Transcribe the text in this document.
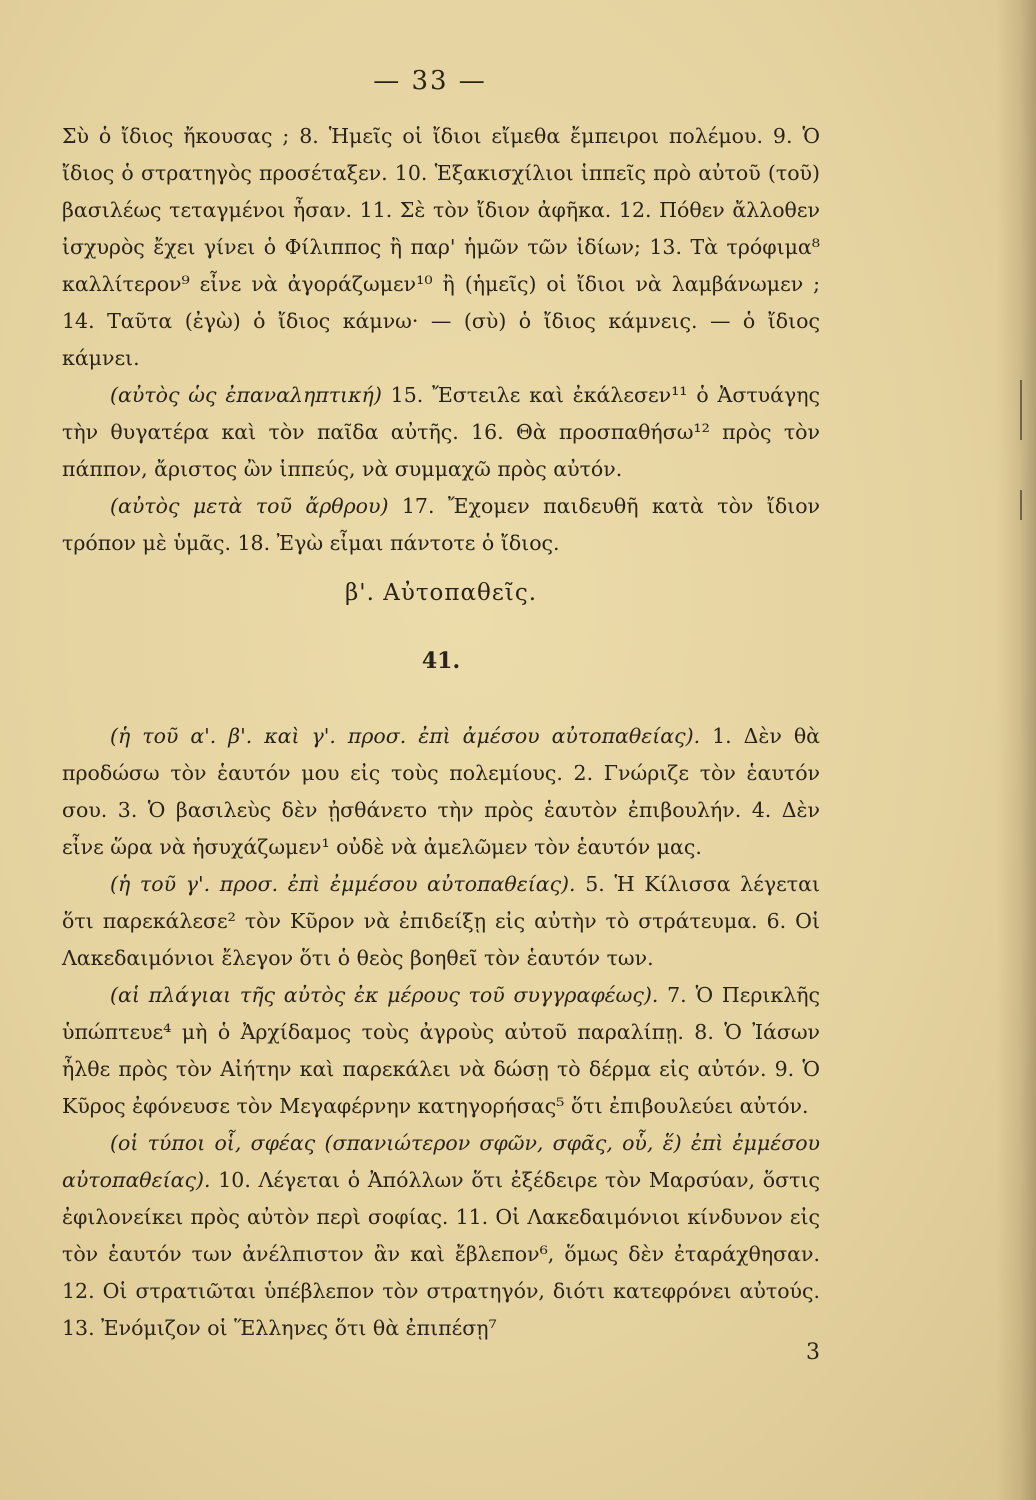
— 33 —

Σὺ ὁ ἴδιος ἤκουσας ; 8. Ἡμεῖς οἱ ἴδιοι εἴμεθα ἔμπειροι πολέμου. 9. Ὁ ἴδιος ὁ στρατηγὸς προσέταξεν. 10. Ἑξακισχίλιοι ἱππεῖς πρὸ αὐτοῦ (τοῦ) βασιλέως τεταγμένοι ἦσαν. 11. Σὲ τὸν ἴδιον ἀφῆκα. 12. Πόθεν ἄλλοθεν ἰσχυρὸς ἔχει γίνει ὁ Φίλιππος ἢ παρ' ἡμῶν τῶν ἰδίων; 13. Τὰ τρόφιμα⁸ καλλίτερον⁹ εἶνε νὰ ἀγοράζωμεν¹⁰ ἢ (ἡμεῖς) οἱ ἴδιοι νὰ λαμβάνωμεν ; 14. Ταῦτα (ἐγὼ) ὁ ἴδιος κάμνω· — (σὺ) ὁ ἴδιος κάμνεις. — ὁ ἴδιος κάμνει.

(αὐτὸς ὡς ἐπαναληπτική) 15. Ἔστειλε καὶ ἐκάλεσεν¹¹ ὁ Ἀστυάγης τὴν θυγατέρα καὶ τὸν παῖδα αὐτῆς. 16. Θὰ προσπαθήσω¹² πρὸς τὸν πάππον, ἄριστος ὢν ἱππεύς, νὰ συμμαχῶ πρὸς αὐτόν.

(αὐτὸς μετὰ τοῦ ἄρθρου) 17. Ἔχομεν παιδευθῆ κατὰ τὸν ἴδιον τρόπον μὲ ὑμᾶς. 18. Ἐγὼ εἶμαι πάντοτε ὁ ἴδιος.

β'. Αὐτοπαθεῖς.
41.

(ἡ τοῦ α'. β'. καὶ γ'. προσ. ἐπὶ ἀμέσου αὐτοπαθείας). 1. Δὲν θὰ προδώσω τὸν ἑαυτόν μου εἰς τοὺς πολεμίους. 2. Γνώριζε τὸν ἑαυτόν σου. 3. Ὁ βασιλεὺς δὲν ᾐσθάνετο τὴν πρὸς ἑαυτὸν ἐπιβουλήν. 4. Δὲν εἶνε ὥρα νὰ ἡσυχάζωμεν¹ οὐδὲ νὰ ἀμελῶμεν τὸν ἑαυτόν μας.

(ἡ τοῦ γ'. προσ. ἐπὶ ἐμμέσου αὐτοπαθείας). 5. Ἡ Κίλισσα λέγεται ὅτι παρεκάλεσε² τὸν Κῦρον νὰ ἐπιδείξῃ εἰς αὐτὴν τὸ στράτευμα. 6. Οἱ Λακεδαιμόνιοι ἔλεγον ὅτι ὁ θεὸς βοηθεῖ τὸν ἑαυτόν των.

(αἱ πλάγιαι τῆς αὐτὸς ἐκ μέρους τοῦ συγγραφέως). 7. Ὁ Περικλῆς ὑπώπτευε⁴ μὴ ὁ Ἀρχίδαμος τοὺς ἀγροὺς αὐτοῦ παραλίπῃ. 8. Ὁ Ἰάσων ἦλθε πρὸς τὸν Αἰήτην καὶ παρεκάλει νὰ δώσῃ τὸ δέρμα εἰς αὐτόν. 9. Ὁ Κῦρος ἐφόνευσε τὸν Μεγαφέρνην κατηγορήσας⁵ ὅτι ἐπιβουλεύει αὐτόν.

(οἱ τύποι οἷ, σφέας (σπανιώτερον σφῶν, σφᾶς, οὗ, ἕ) ἐπὶ ἐμμέσου αὐτοπαθείας). 10. Λέγεται ὁ Ἀπόλλων ὅτι ἐξέδειρε τὸν Μαρσύαν, ὅστις ἐφιλονείκει πρὸς αὐτὸν περὶ σοφίας. 11. Οἱ Λακεδαιμόνιοι κίνδυνον εἰς τὸν ἑαυτόν των ἀνέλπιστον ἂν καὶ ἔβλεπον⁶, ὅμως δὲν ἐταράχθησαν. 12. Οἱ στρατιῶται ὑπέβλεπον τὸν στρατηγόν, διότι κατεφρόνει αὐτούς. 13. Ἐνόμιζον οἱ Ἕλληνες ὅτι θὰ ἐπιπέσῃ⁷

3
